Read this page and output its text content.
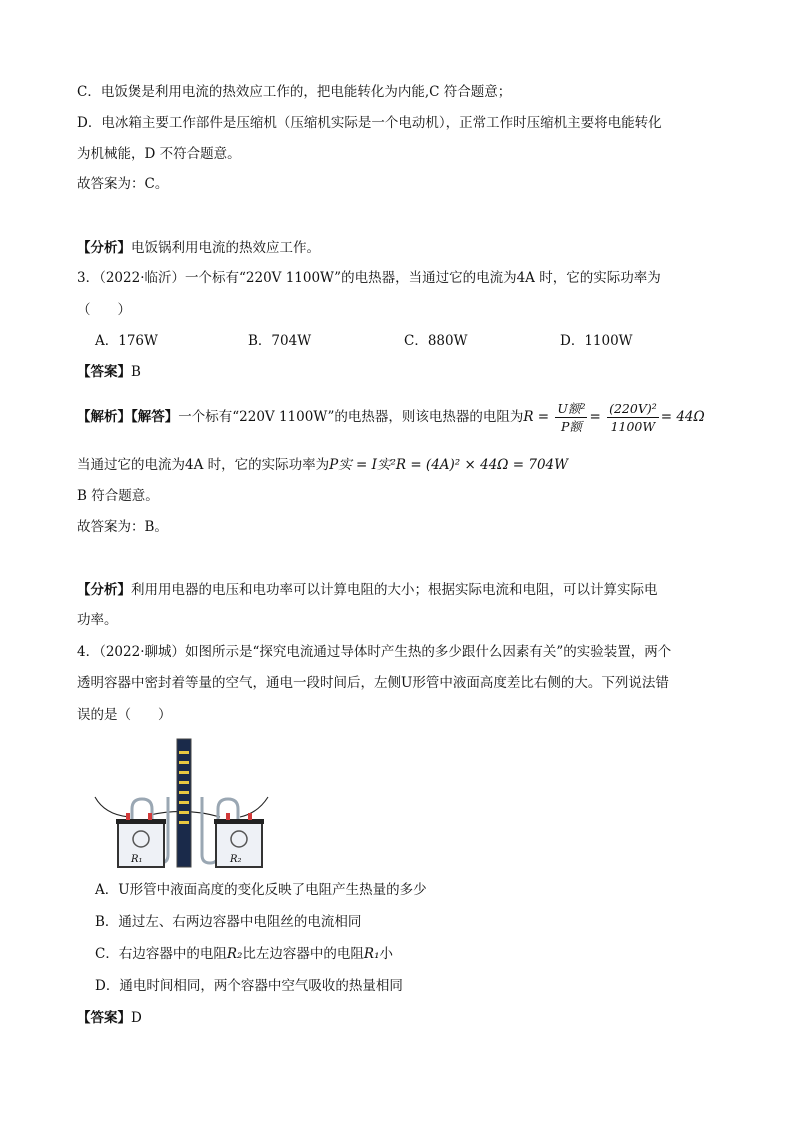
C．电饭煲是利用电流的热效应工作的，把电能转化为内能,C 符合题意；
D．电冰箱主要工作部件是压缩机（压缩机实际是一个电动机），正常工作时压缩机主要将电能转化
为机械能，D 不符合题意。
故答案为：C。
【分析】电饭锅利用电流的热效应工作。
3．（2022·临沂）一个标有“220V 1100W”的电热器，当通过它的电流为4A 时，它的实际功率为
（　　）
A．176W	B．704W	C．880W	D．1100W
【答案】B
【解析】【解答】一个标有“220V 1100W”的电热器，则该电热器的电阻为$R = \frac{\text{U额²}}{\text{P额}} = \frac{\text{(220V)²}}{1100W} = 44\Omega$
当通过它的电流为4A 时，它的实际功率为P实 = I实²R = (4A)² × 44Ω = 704W
B 符合题意。
故答案为：B。
【分析】利用用电器的电压和电功率可以计算电阻的大小；根据实际电流和电阻，可以计算实际电
功率。
4．（2022·聊城）如图所示是“探究电流通过导体时产生热的多少跟什么因素有关”的实验装置，两个
透明容器中密封着等量的空气，通电一段时间后，左侧U形管中液面高度差比右侧的大。下列说法错
误的是（　　）
R₁	R₂
A．U形管中液面高度的变化反映了电阻产生热量的多少
B．通过左、右两边容器中电阻丝的电流相同
C．右边容器中的电阻R₂比左边容器中的电阻R₁小
D．通电时间相同，两个容器中空气吸收的热量相同
【答案】D
